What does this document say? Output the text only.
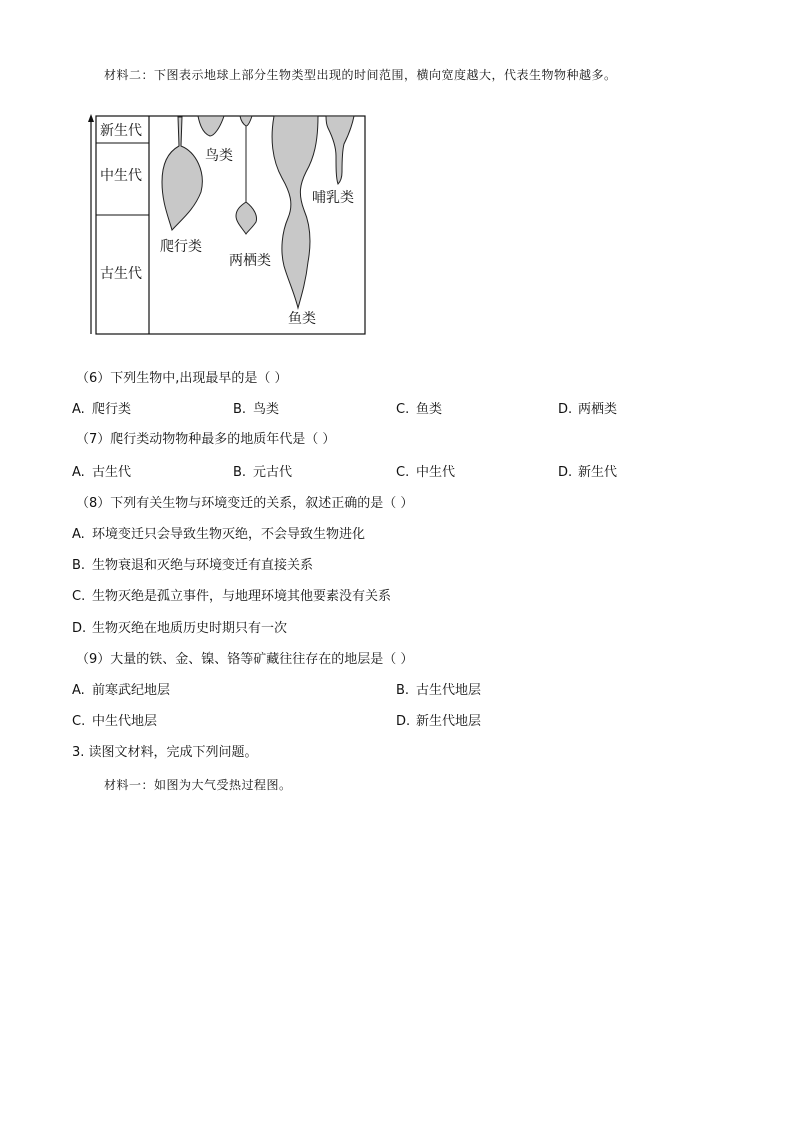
材料二：下图表示地球上部分生物类型出现的时间范围，横向宽度越大，代表生物物种越多。
新生代
中生代
古生代
鸟类
哺乳类
爬行类
两栖类
鱼类
（6）下列生物中,出现最早的是（ ）
A. 爬行类	B. 鸟类	C. 鱼类	D. 两栖类
（7）爬行类动物物种最多的地质年代是（ ）
A. 古生代	B. 元古代	C. 中生代	D. 新生代
（8）下列有关生物与环境变迁的关系，叙述正确的是（ ）
A. 环境变迁只会导致生物灭绝，不会导致生物进化
B. 生物衰退和灭绝与环境变迁有直接关系
C. 生物灭绝是孤立事件，与地理环境其他要素没有关系
D. 生物灭绝在地质历史时期只有一次
（9）大量的铁、金、镍、铬等矿藏往往存在的地层是（ ）
A. 前寒武纪地层	B. 古生代地层
C. 中生代地层	D. 新生代地层
3. 读图文材料，完成下列问题。
材料一：如图为大气受热过程图。
